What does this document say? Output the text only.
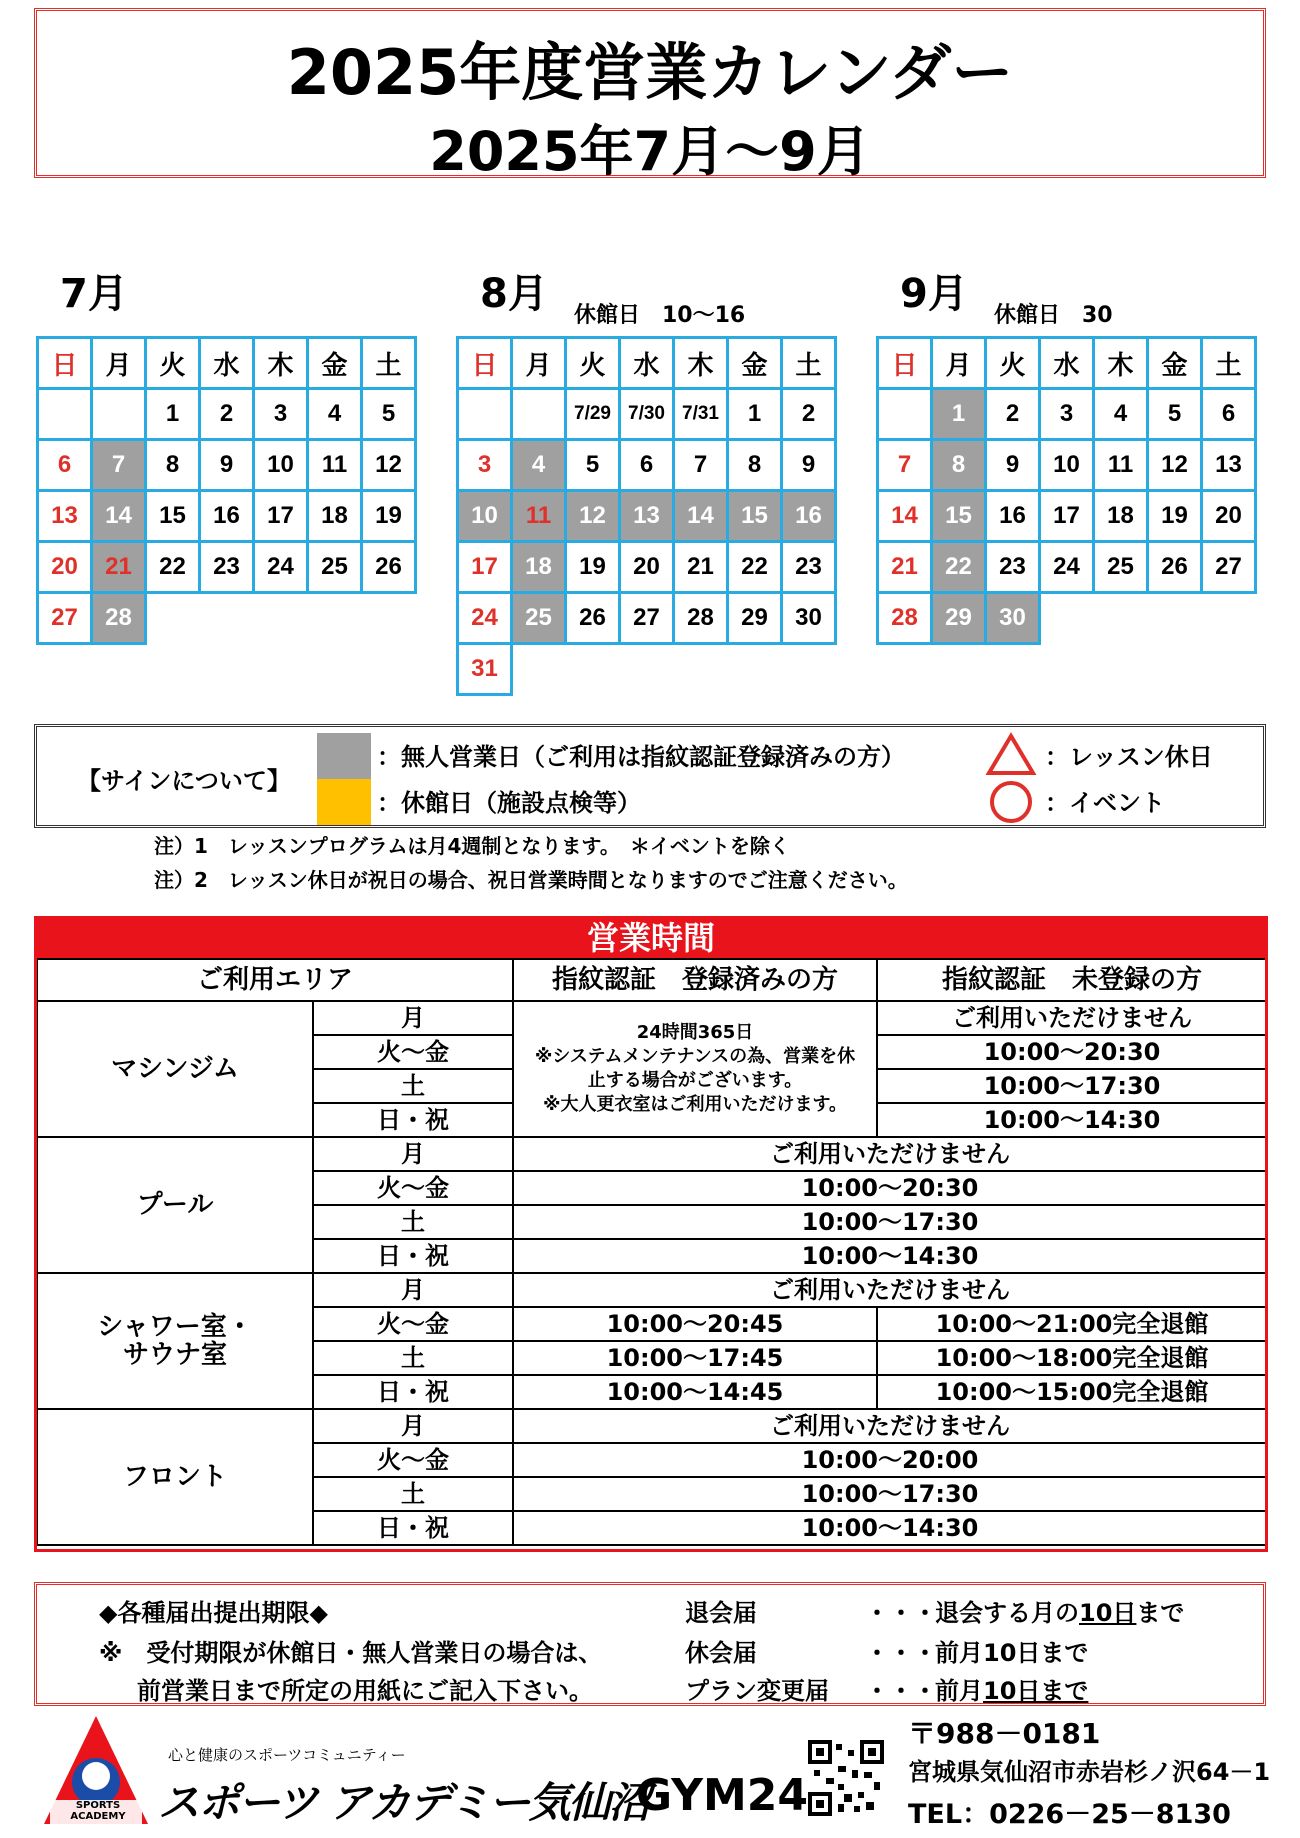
2025年度営業カレンダー
2025年7月～9月
7月	8月 休館日　10～16	9月 休館日　30
日	月	火	水	木	金	土
		1	2	3	4	5
6	7	8	9	10	11	12
13	14	15	16	17	18	19
20	21	22	23	24	25	26
27	28					
日	月	火	水	木	金	土
		7/29	7/30	7/31	1	2
3	4	5	6	7	8	9
10	11	12	13	14	15	16
17	18	19	20	21	22	23
24	25	26	27	28	29	30
31						
日	月	火	水	木	金	土
	1	2	3	4	5	6
7	8	9	10	11	12	13
14	15	16	17	18	19	20
21	22	23	24	25	26	27
28	29	30				
【サインについて】
：無人営業日（ご利用は指紋認証登録済みの方）
：休館日（施設点検等）
：レッスン休日
：イベント
注）1　レッスンプログラムは月4週制となります。　＊イベントを除く
注）2　レッスン休日が祝日の場合、祝日営業時間となりますのでご注意ください。
営業時間
ご利用エリア		指紋認証　登録済みの方	指紋認証　未登録の方
マシンジム	月	24時間365日
※システムメンテナンスの為、営業を休
止する場合がございます。
※大人更衣室はご利用いただけます。	ご利用いただけません
	火～金		10:00～20:30
	土		10:00～17:30
	日・祝		10:00～14:30
プール	月	ご利用いただけません	
	火～金	10:00～20:30	
	土	10:00～17:30	
	日・祝	10:00～14:30	

シャワー室・
サウナ室	月	ご利用いただけません	
	火～金	10:00～20:45	10:00～21:00完全退館
	土	10:00～17:45	10:00～18:00完全退館
	日・祝	10:00～14:45	10:00～15:00完全退館
フロント	月	ご利用いただけません	
	火～金	10:00～20:00	
	土	10:00～17:30	
	日・祝	10:00～14:30	
◆各種届出提出期限◆
※　受付期限が休館日・無人営業日の場合は、
前営業日まで所定の用紙にご記入下さい。
退会届	・・・
退会する月の10日まで
休会届	・・・
前月10日まで
プラン変更届 ・・・
前月10日まで
SPORTS ACADEMY
心と健康のスポーツコミュニティー
スポーツ アカデミー気仙沼
GYM24
〒988－0181
宮城県気仙沼市赤岩杉ノ沢64－1
TEL：0226－25－8130
